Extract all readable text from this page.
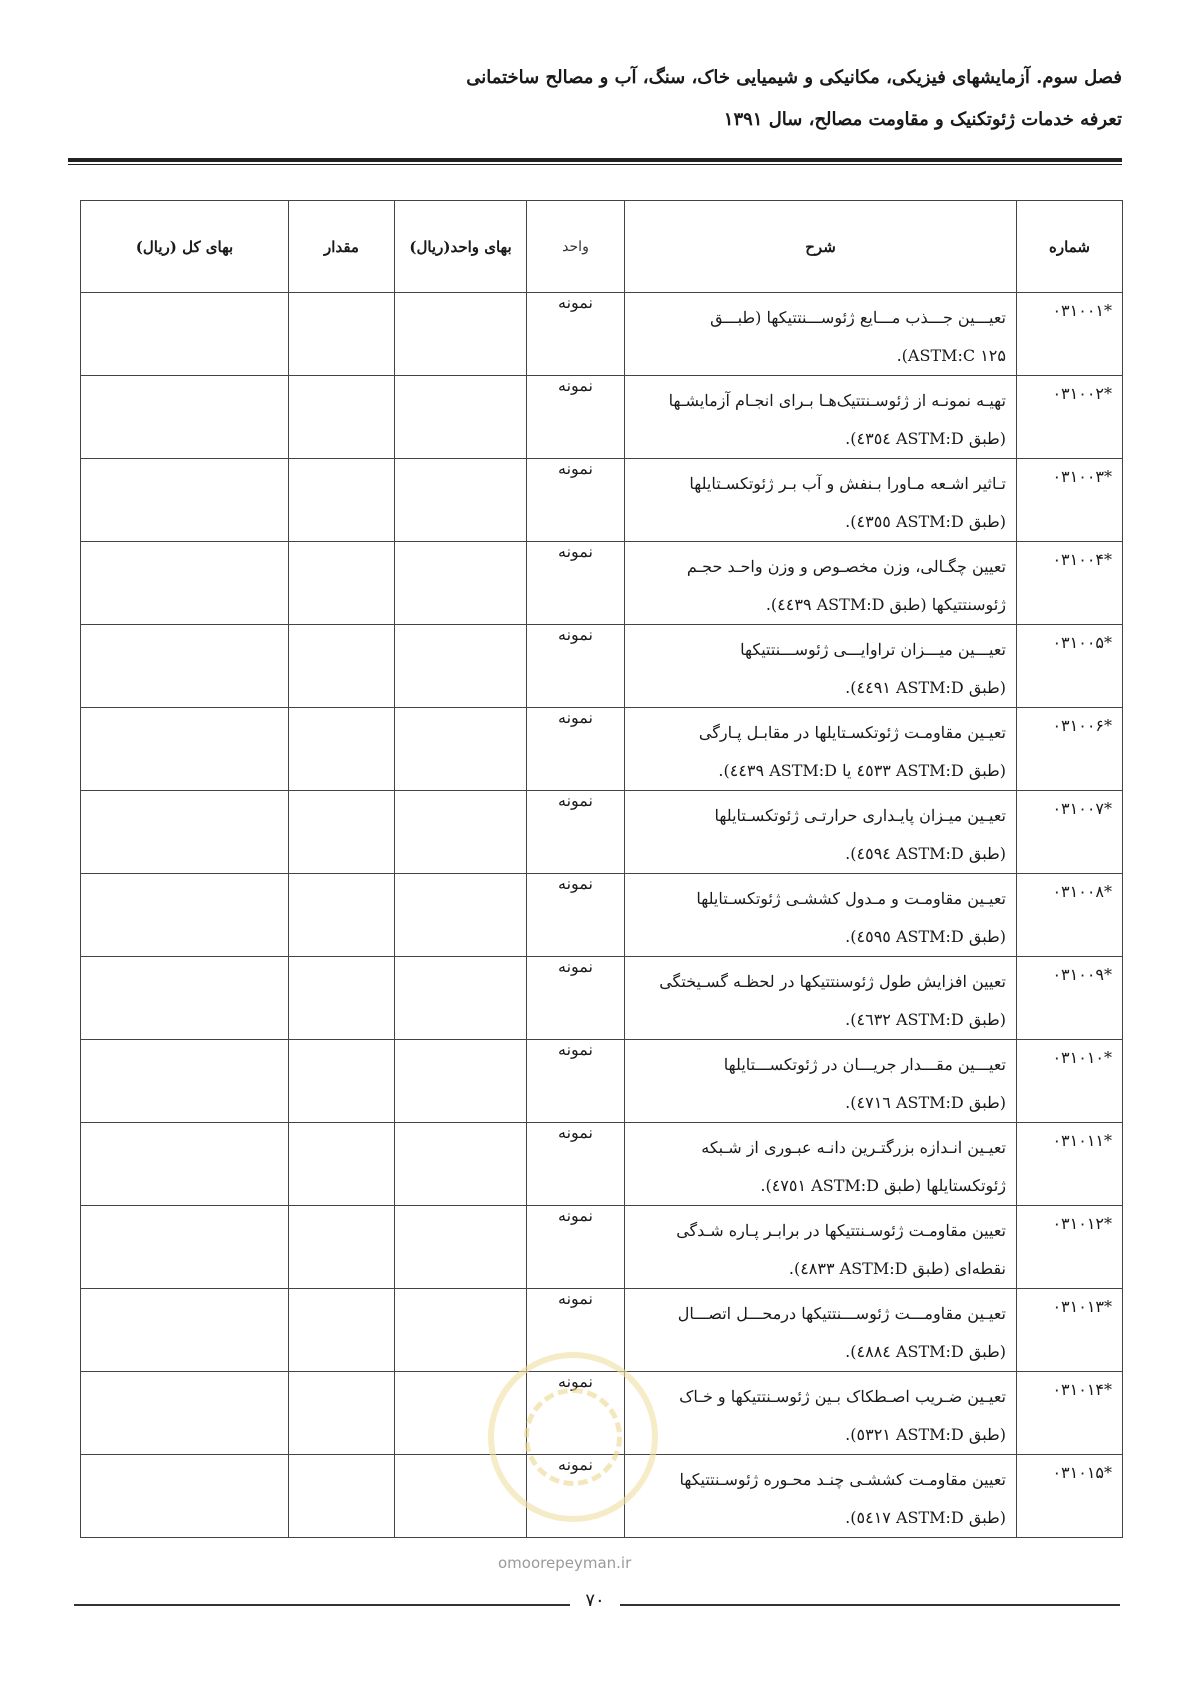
فصل سوم. آزمایشهای فیزیکی، مکانیکی و شیمیایی خاک، سنگ، آب و مصالح ساختمانی
تعرفه خدمات ژئوتکنیک و مقاومت مصالح، سال ۱۳۹۱
شماره	شرح	واحد	بهای واحد(ریال)	مقدار	بهای کل (ریال)

۰۳۱۰۰۱*	تعیـــین جـــذب مـــایع ژئوســـنتتیکها (طبـــق
ASTM:C ۱۲۵).	نمونه			

۰۳۱۰۰۲*	تهیـه نمونـه از ژئوسـنتتیک‌هـا بـرای انجـام آزمایشـها
(طبق ASTM:D ٤٣٥٤).	نمونه			

۰۳۱۰۰۳*	تـاثیر اشـعه مـاورا بـنفش و آب بـر ژئوتکسـتایلها
(طبق ASTM:D ٤٣٥٥).	نمونه			

۰۳۱۰۰۴*	تعیین چگـالی، وزن مخصـوص و وزن واحـد حجـم
ژئوسنتتیکها (طبق ASTM:D ٤٤٣٩).	نمونه			

۰۳۱۰۰۵*	تعیـــین میـــزان تراوایـــی ژئوســـنتتیکها
(طبق ASTM:D ٤٤٩١).	نمونه			

۰۳۱۰۰۶*	تعیـین مقاومـت ژئوتکسـتایلها در مقابـل پـارگی
(طبق ASTM:D ٤٥٣٣ یا ASTM:D ٤٤٣٩).	نمونه			

۰۳۱۰۰۷*	تعیـین میـزان پایـداری حرارتـی ژئوتکسـتایلها
(طبق ASTM:D ٤٥٩٤).	نمونه			

۰۳۱۰۰۸*	تعیـین مقاومـت و مـدول کششـی ژئوتکسـتایلها
(طبق ASTM:D ٤٥٩٥).	نمونه			

۰۳۱۰۰۹*	تعیین افزایش طول ژئوسنتتیکها در لحظـه گسـیختگی
(طبق ASTM:D ٤٦٣٢).	نمونه			

۰۳۱۰۱۰*	تعیـــین مقـــدار جریـــان در ژئوتکســـتایلها
(طبق ASTM:D ٤٧١٦).	نمونه			

۰۳۱۰۱۱*	تعیـین انـدازه بزرگتـرین دانـه عبـوری از شـبکه
ژئوتکستایلها (طبق ASTM:D ٤٧٥١).	نمونه			

۰۳۱۰۱۲*	تعیین مقاومـت ژئوسـنتتیکها در برابـر پـاره شـدگی
نقطه‌ای (طبق ASTM:D ٤٨٣٣).	نمونه			

۰۳۱۰۱۳*	تعیـین مقاومـــت ژئوســـنتتیکها درمحـــل اتصـــال
(طبق ASTM:D ٤٨٨٤).	نمونه			

۰۳۱۰۱۴*	تعیـین ضـریب اصـطکاک بـین ژئوسـنتتیکها و خـاک
(طبق ASTM:D ٥٣٢١).	نمونه			

۰۳۱۰۱۵*	تعیین مقاومـت کششـی چنـد محـوره ژئوسـنتتیکها
(طبق ASTM:D ٥٤١٧).	نمونه			
omoorepeyman.ir
۷۰
